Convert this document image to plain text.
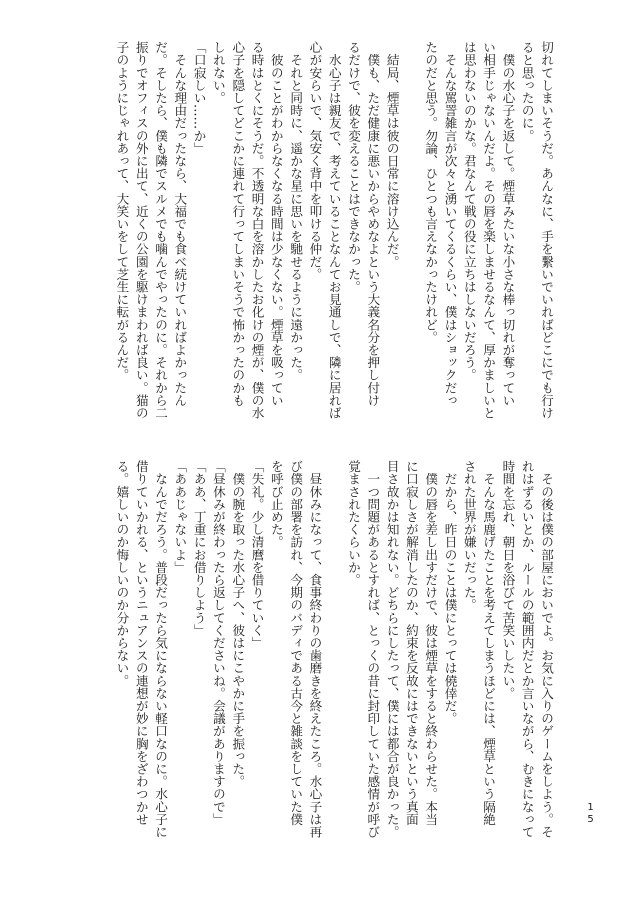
切れてしまいそうだ。あんなに、手を繋いでいればどこにでも行け
ると思ったのに。
　僕の水心子を返して。煙草みたいな小さな棒っ切れが奪ってい
い相手じゃないんだよ。その唇を楽しませるなんて、厚かましいと
は思わないのかな。君なんて戦の役に立ちはしないだろう。
　そんな罵詈雑言が次々と湧いてくるくらい、僕はショックだっ
たのだと思う。勿論、ひとつも言えなかったけれど。

　結局、煙草は彼の日常に溶け込んだ。
　僕も、ただ健康に悪いからやめなよという大義名分を押し付け
るだけで、彼を変えることはできなかった。
　水心子は親友で、考えていることなんてお見通しで、隣に居れば
心が安らいで、気安く背中を叩ける仲だ。
　それと同時に、遥かな星に思いを馳せるように遠かった。
　彼のことがわからなくなる時間は少なくない。煙草を吸ってい
る時はとくにそうだ。不透明な白を溶かしたお化けの煙が、僕の水
心子を隠してどこかに連れて行ってしまいそうで怖かったのかも
しれない。
「口寂しい……か」
　そんな理由だったなら、大福でも食べ続けていればよかったん
だ。そしたら、僕も隣でスルメでも噛んでやったのに。それから二
振りでオフィスの外に出て、近くの公園を駆けまわれば良い。猫の
子のようにじゃれあって、大笑いをして芝生に転がるんだ。
　その後は僕の部屋においでよ。お気に入りのゲームをしよう。そ
れはずるいとか、ルールの範囲内だとか言いながら、むきになって
時間を忘れ、朝日を浴びて苦笑いしたい。
　そんな馬鹿げたことを考えてしまうほどには、煙草という隔絶
された世界が嫌いだった。
　だから、昨日のことは僕にとっては僥倖だ。
　僕の唇を差し出すだけで、彼は煙草をすると終わらせた。本当
に口寂しさが解消したのか、約束を反故にはできないという真面
目さ故かは知れない。どちらにしたって、僕には都合が良かった。
　一つ問題があるとすれば、とっくの昔に封印していた感情が呼び
覚まされたくらいか。

　昼休みになって、食事終わりの歯磨きを終えたころ。水心子は再
び僕の部署を訪れ、今期のバディである古今と雑談をしていた僕
を呼び止めた。
「失礼。少し清麿を借りていく」
　僕の腕を取った水心子へ、彼はにこやかに手を振った。
「昼休みが終わったら返してくださいね。会議がありますので」
「ああ、丁重にお借りしよう」
「ああじゃないよ」
　なんでだろう。普段だったら気にならない軽口なのに。水心子に
借りていかれる、というニュアンスの連想が妙に胸をざわつかせ
る。嬉しいのか悔しいのか分からない。
15
